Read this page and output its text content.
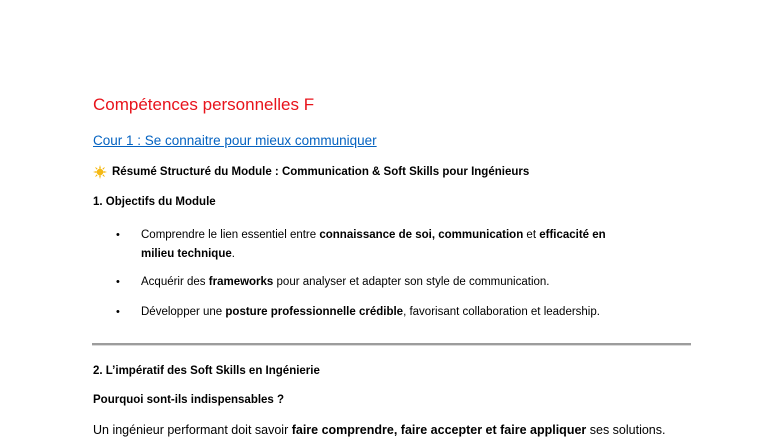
Compétences personnelles F
Cour 1 : Se connaitre pour mieux communiquer
Résumé Structuré du Module : Communication & Soft Skills pour Ingénieurs
1. Objectifs du Module
• Comprendre le lien essentiel entre connaissance de soi, communication et efficacité en
milieu technique.
• Acquérir des frameworks pour analyser et adapter son style de communication.
• Développer une posture professionnelle crédible, favorisant collaboration et leadership.
2. L’impératif des Soft Skills en Ingénierie
Pourquoi sont-ils indispensables ?
Un ingénieur performant doit savoir faire comprendre, faire accepter et faire appliquer ses solutions.
